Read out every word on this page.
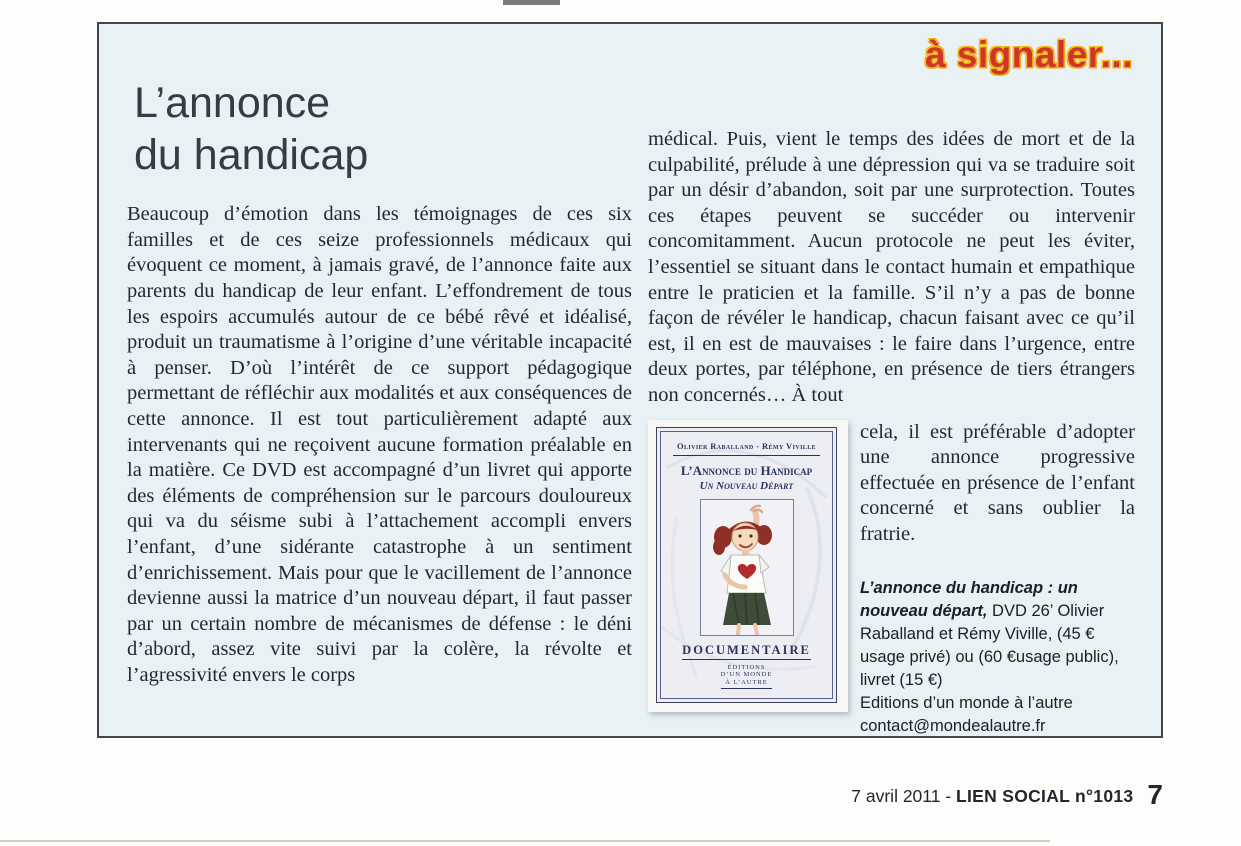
à signaler...
L’annonce
du handicap

Beaucoup d’émotion dans les témoignages de ces six familles et de ces seize professionnels médicaux qui évoquent ce moment, à jamais gravé, de l’annonce faite aux parents du handicap de leur enfant. L’effondrement de tous les espoirs accumulés autour de ce bébé rêvé et idéalisé, produit un traumatisme à l’origine d’une véritable incapacité à penser. D’où l’intérêt de ce support pédagogique permettant de réfléchir aux modalités et aux conséquences de cette annonce. Il est tout particulièrement adapté aux intervenants qui ne reçoivent aucune formation préalable en la matière. Ce DVD est accompagné d’un livret qui apporte des éléments de compréhension sur le parcours douloureux qui va du séisme subi à l’attachement accompli envers l’enfant, d’une sidérante catastrophe à un sentiment d’enrichissement. Mais pour que le vacillement de l’annonce devienne aussi la matrice d’un nouveau départ, il faut passer par un certain nombre de mécanismes de défense : le déni d’abord, assez vite suivi par la colère, la révolte et l’agressivité envers le corps

médical. Puis, vient le temps des idées de mort et de la culpabilité, prélude à une dépression qui va se traduire soit par un désir d’abandon, soit par une surprotection. Toutes ces étapes peuvent se succéder ou intervenir concomitamment. Aucun protocole ne peut les éviter, l’essentiel se situant dans le contact humain et empathique entre le praticien et la famille. S’il n’y a pas de bonne façon de révéler le handicap, chacun faisant avec ce qu’il est, il en est de mauvaises : le faire dans l’urgence, entre deux portes, par téléphone, en présence de tiers étrangers non concernés… À tout

Olivier Raballand - Rémy Viville
L’Annonce du Handicap
Un Nouveau Départ
DOCUMENTAIRE
ÉDITIONS
D’UN MONDE
À L’AUTRE

cela, il est préférable d’adopter une annonce progressive effectuée en présence de l’enfant concerné et sans oublier la fratrie.

L’annonce du handicap : un nouveau départ, DVD 26’ Olivier Raballand et Rémy Viville, (45 € usage privé) ou (60 €usage public), livret (15 €)

Editions d’un monde à l’autre
contact@mondealautre.fr
7 avril 2011 - LIEN SOCIAL n°1013 7
